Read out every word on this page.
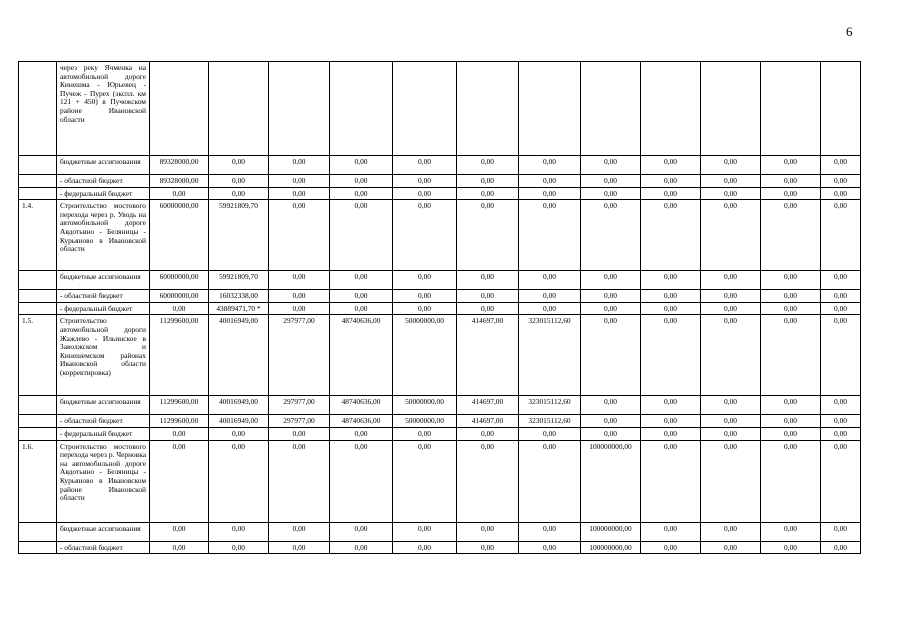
6
	через реку Ячменка на автомобильной дороге Кинешма - Юрьевец - Пучеж - Пурех (экспл. км 121 + 450) в Пучежском районе Ивановской области												
	бюджетные ассигнования	89328000,00	0,00	0,00	0,00	0,00	0,00	0,00	0,00	0,00	0,00	0,00	0,00
	- областной бюджет	89328000,00	0,00	0,00	0,00	0,00	0,00	0,00	0,00	0,00	0,00	0,00	0,00
	- федеральный бюджет	0,00	0,00	0,00	0,00	0,00	0,00	0,00	0,00	0,00	0,00	0,00	0,00
1.4.	Строительство мостового перехода через р. Уводь на автомобильной дороге Авдотьино - Беляницы - Курьяново в Ивановской области	60000000,00	59921809,70	0,00	0,00	0,00	0,00	0,00	0,00	0,00	0,00	0,00	0,00
	бюджетные ассигнования	60000000,00	59921809,70	0,00	0,00	0,00	0,00	0,00	0,00	0,00	0,00	0,00	0,00
	- областной бюджет	60000000,00	16032338,00	0,00	0,00	0,00	0,00	0,00	0,00	0,00	0,00	0,00	0,00
	- федеральный бюджет	0,00	43889471,70 *	0,00	0,00	0,00	0,00	0,00	0,00	0,00	0,00	0,00	0,00
1.5.	Строительство автомобильной дороги Жажлево - Ильинское в Заволжском и Кинешемском районах Ивановской области (корректировка)	11299600,00	40016949,00	297977,00	48740636,00	50000000,00	414697,00	323015112,60	0,00	0,00	0,00	0,00	0,00
	бюджетные ассигнования	11299600,00	40016949,00	297977,00	48740636,00	50000000,00	414697,00	323015112,60	0,00	0,00	0,00	0,00	0,00
	- областной бюджет	11299600,00	40016949,00	297977,00	48740636,00	50000000,00	414697,00	323015112,60	0,00	0,00	0,00	0,00	0,00
	- федеральный бюджет	0,00	0,00	0,00	0,00	0,00	0,00	0,00	0,00	0,00	0,00	0,00	0,00
1.6.	Строительство мостового перехода через р. Черновка на автомобильной дороге Авдотьино - Беляницы - Курьяново в Ивановском районе Ивановской области	0,00	0,00	0,00	0,00	0,00	0,00	0,00	100000000,00	0,00	0,00	0,00	0,00
	бюджетные ассигнования	0,00	0,00	0,00	0,00	0,00	0,00	0,00	100000000,00	0,00	0,00	0,00	0,00
	- областной бюджет	0,00	0,00	0,00	0,00	0,00	0,00	0,00	100000000,00	0,00	0,00	0,00	0,00
